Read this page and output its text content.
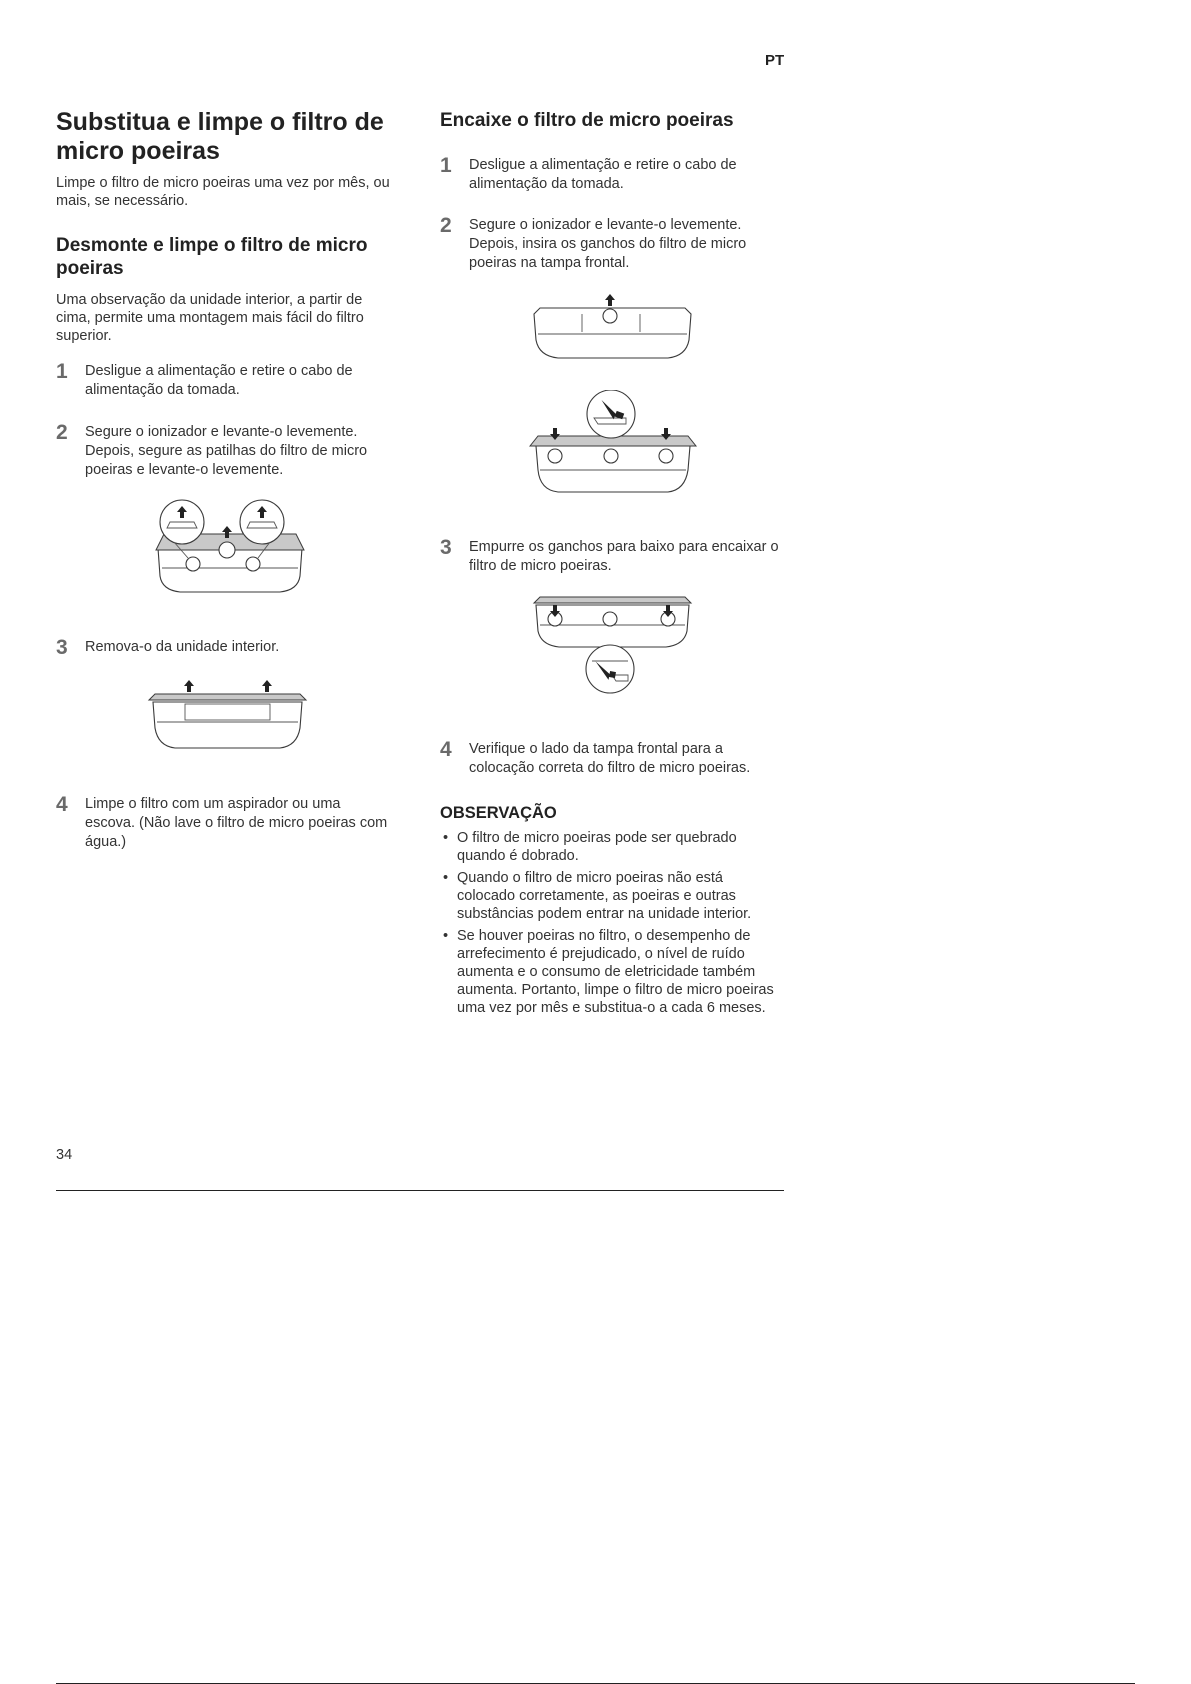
PT
Substitua e limpe o filtro de micro poeiras
Limpe o filtro de micro poeiras uma vez por mês, ou mais, se necessário.
Desmonte e limpe o filtro de micro poeiras
Uma observação da unidade interior, a partir de cima, permite uma montagem mais fácil do filtro superior.
1 Desligue a alimentação e retire o cabo de alimentação da tomada.
2 Segure o ionizador e levante-o levemente. Depois, segure as patilhas do filtro de micro poeiras e levante-o levemente.
3 Remova-o da unidade interior.
4 Limpe o filtro com um aspirador ou uma escova. (Não lave o filtro de micro poeiras com água.)
Encaixe o filtro de micro poeiras
1 Desligue a alimentação e retire o cabo de alimentação da tomada.
2 Segure o ionizador e levante-o levemente. Depois, insira os ganchos do filtro de micro poeiras na tampa frontal.
3 Empurre os ganchos para baixo para encaixar o filtro de micro poeiras.
4 Verifique o lado da tampa frontal para a colocação correta do filtro de micro poeiras.
OBSERVAÇÃO
• O filtro de micro poeiras pode ser quebrado quando é dobrado.
• Quando o filtro de micro poeiras não está colocado corretamente, as poeiras e outras substâncias podem entrar na unidade interior.
• Se houver poeiras no filtro, o desempenho de arrefecimento é prejudicado, o nível de ruído aumenta e o consumo de eletricidade também aumenta. Portanto, limpe o filtro de micro poeiras uma vez por mês e substitua-o a cada 6 meses.
34
